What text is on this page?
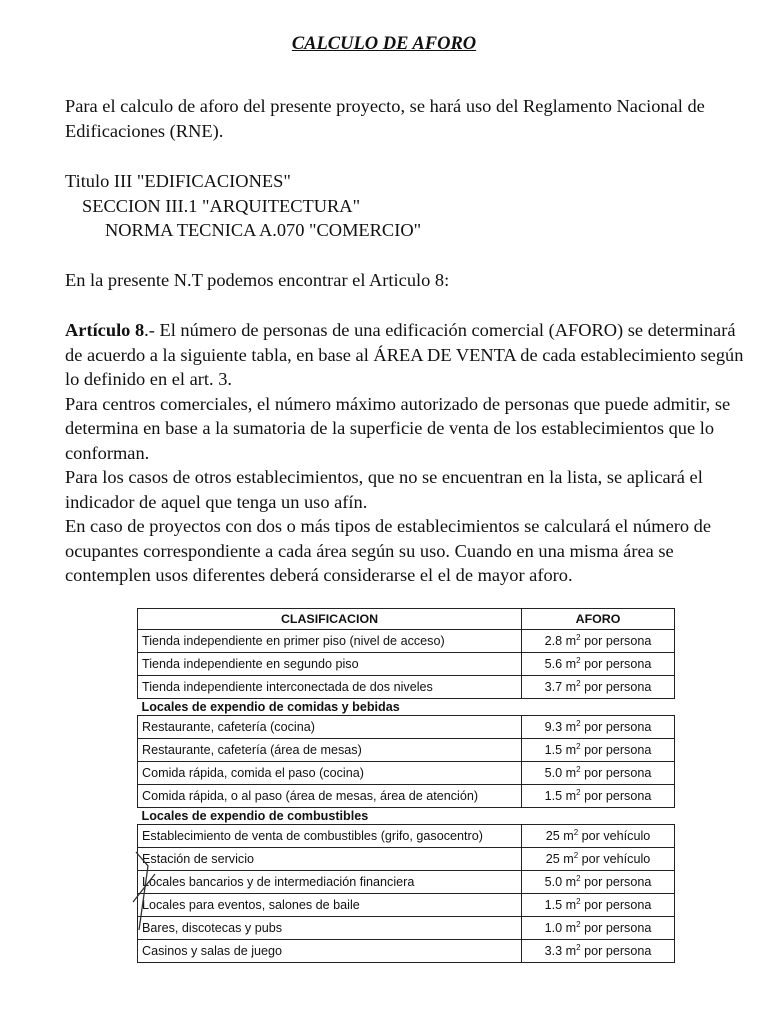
CALCULO DE AFORO

Para el calculo de aforo del presente proyecto, se hará uso del Reglamento Nacional de Edificaciones (RNE).

Titulo III "EDIFICACIONES"

SECCION III.1 "ARQUITECTURA"

NORMA TECNICA A.070 "COMERCIO"

En la presente N.T podemos encontrar el Articulo 8:

Artículo 8.- El número de personas de una edificación comercial (AFORO) se determinará de acuerdo a la siguiente tabla, en base al ÁREA DE VENTA de cada establecimiento según lo definido en el art. 3.

Para centros comerciales, el número máximo autorizado de personas que puede admitir, se determina en base a la sumatoria de la superficie de venta de los establecimientos que lo conforman.

Para los casos de otros establecimientos, que no se encuentran en la lista, se aplicará el indicador de aquel que tenga un uso afín.

En caso de proyectos con dos o más tipos de establecimientos se calculará el número de ocupantes correspondiente a cada área según su uso. Cuando en una misma área se contemplen usos diferentes deberá considerarse el el de mayor aforo.

CLASIFICACION	AFORO
Tienda independiente en primer piso (nivel de acceso)	2.8 $m^2$ por persona
Tienda independiente en segundo piso	5.6 $m^2$ por persona
Tienda independiente interconectada de dos niveles	3.7 $m^2$ por persona
Locales de expendio de comidas y bebidas	
Restaurante, cafetería (cocina)	9.3 $m^2$ por persona
Restaurante, cafetería (área de mesas)	1.5 $m^2$ por persona
Comida rápida, comida el paso (cocina)	5.0 $m^2$ por persona
Comida rápida, o al paso (área de mesas, área de atención)	1.5 $m^2$ por persona
Locales de expendio de combustibles	
Establecimiento de venta de combustibles (grifo, gasocentro)	25 $m^2$ por vehículo
Estación de servicio	25 $m^2$ por vehículo
Locales bancarios y de intermediación financiera	5.0 $m^2$ por persona
Locales para eventos, salones de baile	1.5 $m^2$ por persona
Bares, discotecas y pubs	1.0 $m^2$ por persona
Casinos y salas de juego	3.3 $m^2$ por persona
